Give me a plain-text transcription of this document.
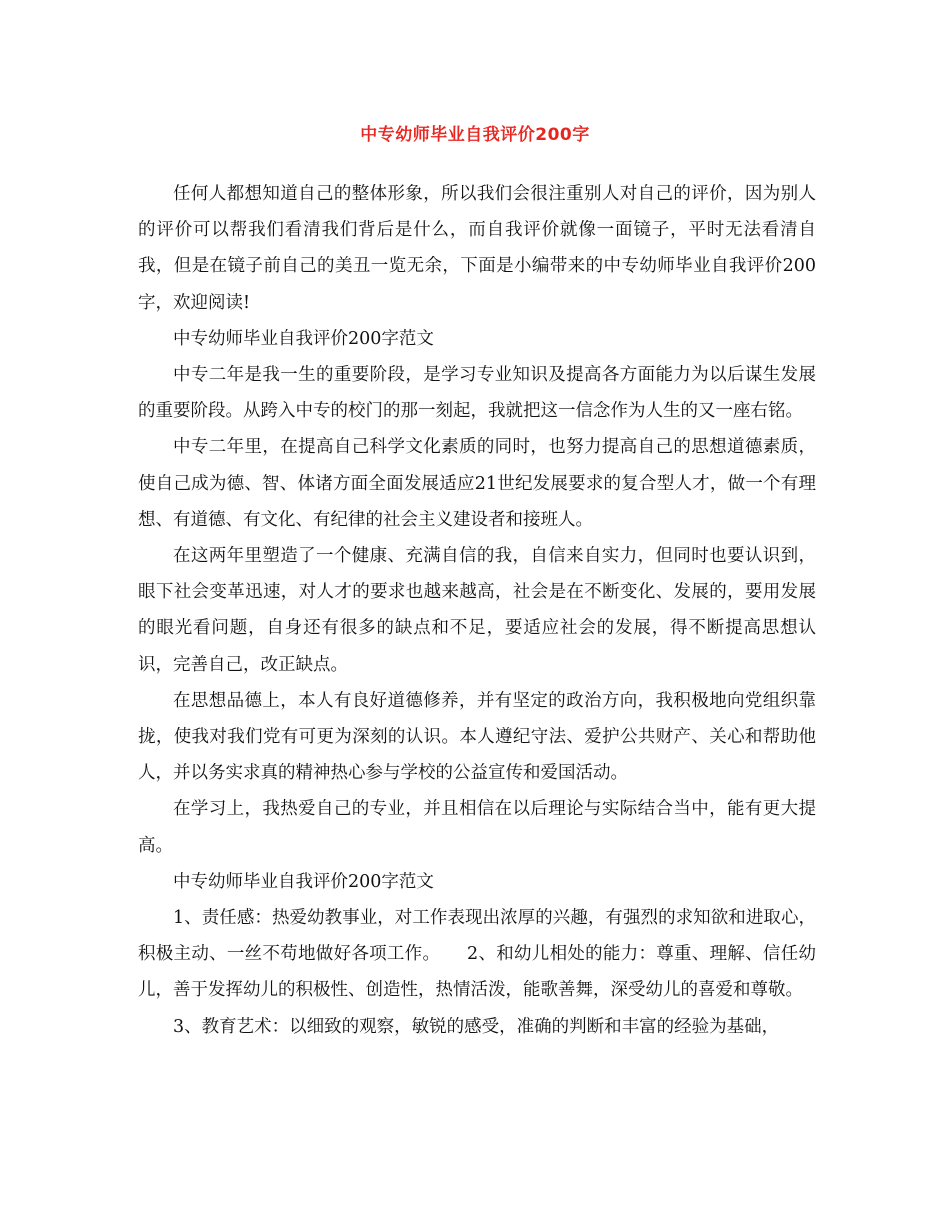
中专幼师毕业自我评价200字

任何人都想知道自己的整体形象，所以我们会很注重别人对自己的评价，因为别人的评价可以帮我们看清我们背后是什么，而自我评价就像一面镜子，平时无法看清自我，但是在镜子前自己的美丑一览无余，下面是小编带来的中专幼师毕业自我评价200字，欢迎阅读!

中专幼师毕业自我评价200字范文

中专二年是我一生的重要阶段，是学习专业知识及提高各方面能力为以后谋生发展的重要阶段。从跨入中专的校门的那一刻起，我就把这一信念作为人生的又一座右铭。

中专二年里，在提高自己科学文化素质的同时，也努力提高自己的思想道德素质，使自己成为德、智、体诸方面全面发展适应21世纪发展要求的复合型人才，做一个有理想、有道德、有文化、有纪律的社会主义建设者和接班人。

在这两年里塑造了一个健康、充满自信的我，自信来自实力，但同时也要认识到，眼下社会变革迅速，对人才的要求也越来越高，社会是在不断变化、发展的，要用发展的眼光看问题，自身还有很多的缺点和不足，要适应社会的发展，得不断提高思想认识，完善自己，改正缺点。

在思想品德上，本人有良好道德修养，并有坚定的政治方向，我积极地向党组织靠拢，使我对我们党有可更为深刻的认识。本人遵纪守法、爱护公共财产、关心和帮助他人，并以务实求真的精神热心参与学校的公益宣传和爱国活动。

在学习上，我热爱自己的专业，并且相信在以后理论与实际结合当中，能有更大提高。

中专幼师毕业自我评价200字范文

1、责任感：热爱幼教事业，对工作表现出浓厚的兴趣，有强烈的求知欲和进取心，积极主动、一丝不苟地做好各项工作。　　2、和幼儿相处的能力：尊重、理解、信任幼儿，善于发挥幼儿的积极性、创造性，热情活泼，能歌善舞，深受幼儿的喜爱和尊敬。

3、教育艺术：以细致的观察，敏锐的感受，准确的判断和丰富的经验为基础，
